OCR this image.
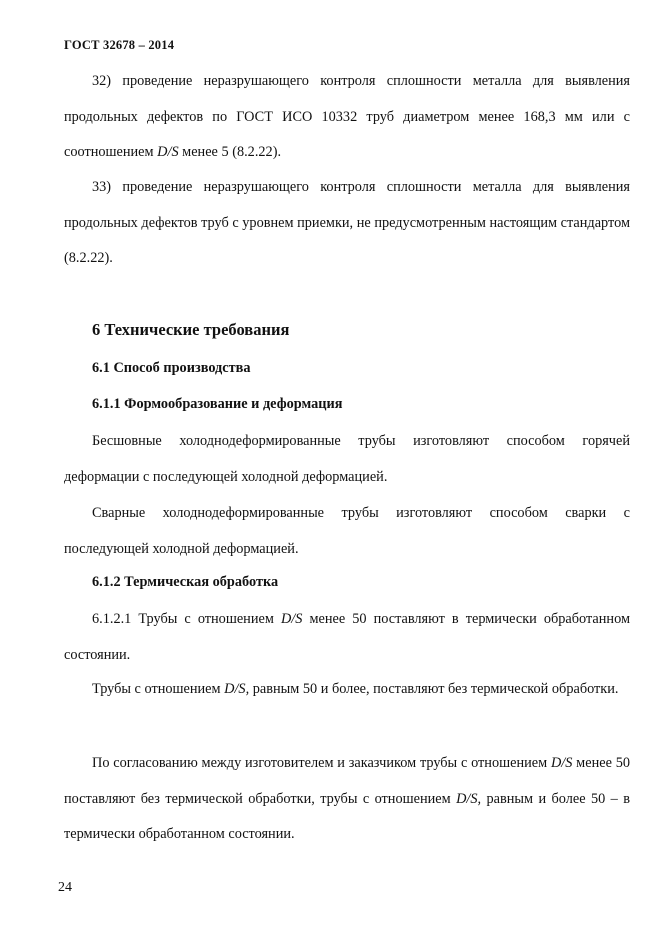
ГОСТ 32678 – 2014

32) проведение неразрушающего контроля сплошности металла для выявления продольных дефектов по ГОСТ ИСО 10332 труб диаметром менее 168,3 мм или с соотношением D/S менее 5 (8.2.22).

33) проведение неразрушающего контроля сплошности металла для выявления продольных дефектов труб с уровнем приемки, не предусмотренным настоящим стандартом (8.2.22).

6 Технические требования
6.1 Способ производства
6.1.1 Формообразование и деформация

Бесшовные холоднодеформированные трубы изготовляют способом горячей деформации с последующей холодной деформацией.

Сварные холоднодеформированные трубы изготовляют способом сварки с последующей холодной деформацией.

6.1.2 Термическая обработка

6.1.2.1 Трубы с отношением D/S менее 50 поставляют в термически обработанном состоянии.

Трубы с отношением D/S, равным 50 и более, поставляют без термической обработки.

По согласованию между изготовителем и заказчиком трубы с отношением D/S менее 50 поставляют без термической обработки, трубы с отношением D/S, равным и более 50 – в термически обработанном состоянии.

24
